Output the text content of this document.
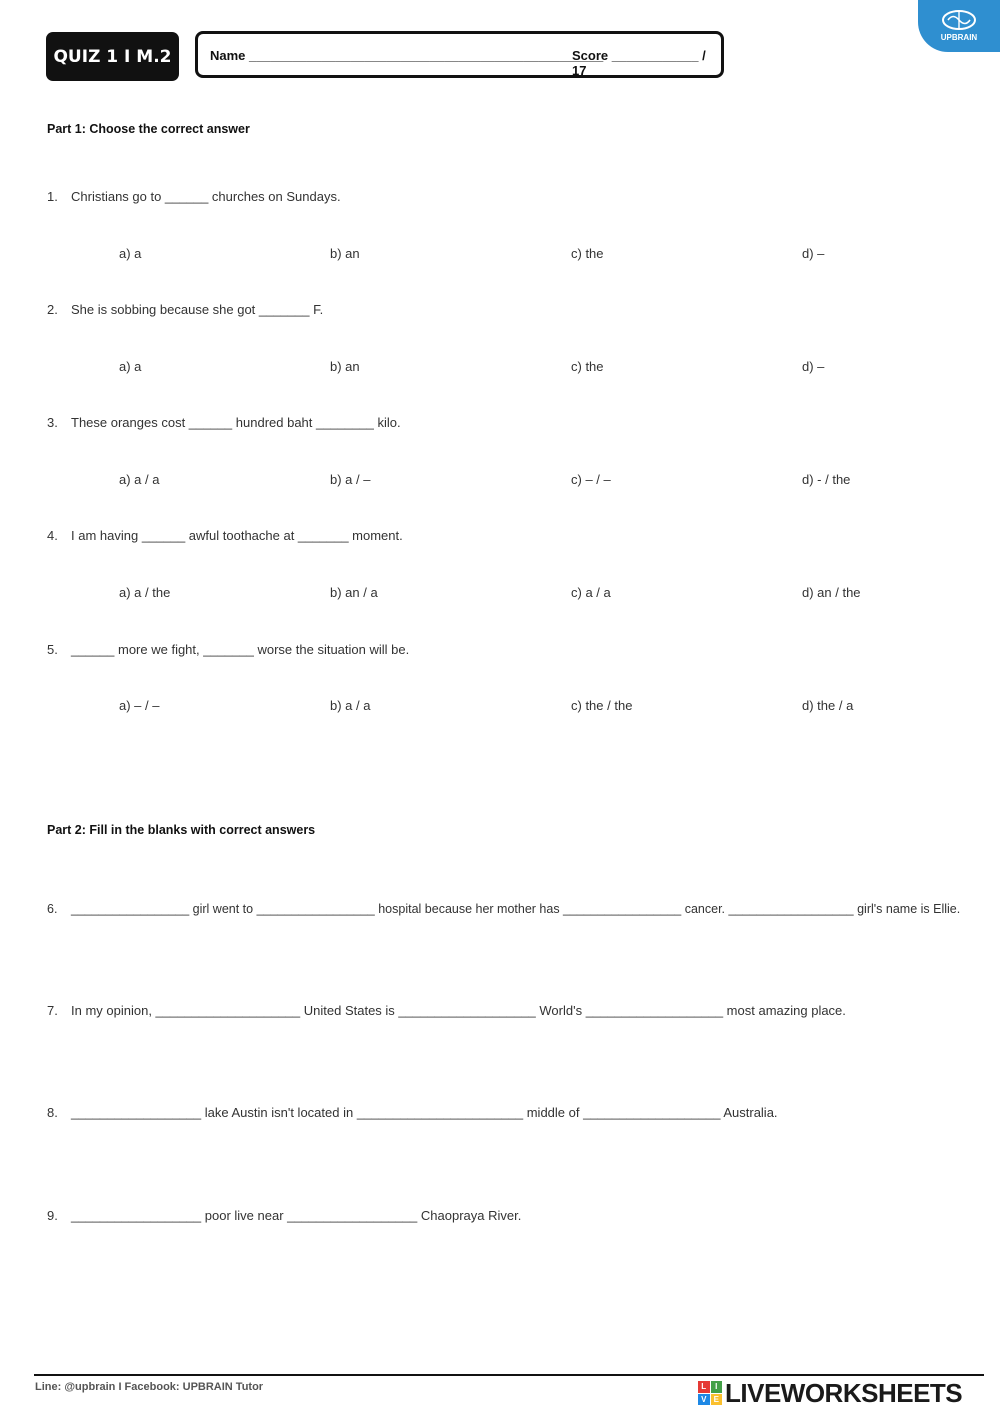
QUIZ 1 I M.2	Name _________________________________________________
Score ____________ / 17
UPBRAIN
Part 1: Choose the correct answer
1. Christians go to ______ churches on Sundays.
a) a	b) an	c) the	d) –
2. She is sobbing because she got _______ F.
a) a	b) an	c) the	d) –
3. These oranges cost ______ hundred baht ________ kilo.
a) a / a	b) a / –	c) – / –	d) - / the
4. I am having ______ awful toothache at _______ moment.
a) a / the	b) an / a	c) a / a	d) an / the
5. ______ more we fight, _______ worse the situation will be.
a) – / –	b) a / a	c) the / the	d) the / a
Part 2: Fill in the blanks with correct answers
6. _________________ girl went to _________________ hospital because her mother has _________________ cancer. __________________ girl's name is Ellie.
7. In my opinion, ____________________ United States is ___________________ World's ___________________ most amazing place.
8. __________________ lake Austin isn't located in _______________________ middle of ___________________ Australia.
9. __________________ poor live near __________________ Chaopraya River.
Line: @upbrain I Facebook: UPBRAIN Tutor	L	I
V E LIVEWORKSHEETS
